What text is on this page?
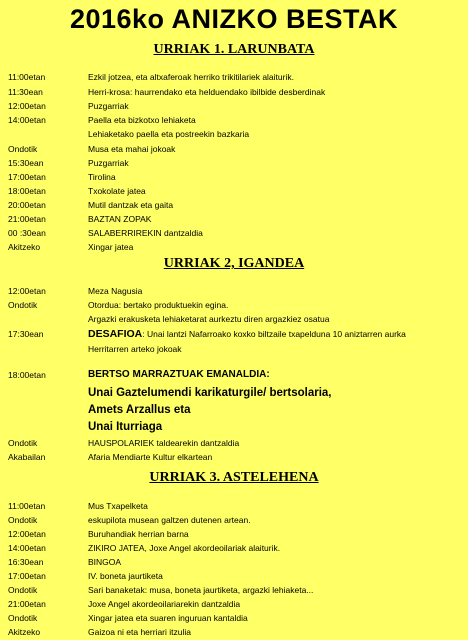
2016ko ANIZKO BESTAK
URRIAK 1. LARUNBATA
11:00etan	Ezkil jotzea, eta altxaferoak herriko trikitilariek alaiturik.
11:30ean	Herri-krosa: haurrendako eta helduendako ibilbide desberdinak
12:00etan	Puzgarriak
14:00etan	Paella eta bizkotxo lehiaketa
Lehiaketako paella eta postreekin bazkaria
Ondotik	Musa eta mahai jokoak
15:30ean	Puzgarriak
17:00etan	Tirolina
18:00etan	Txokolate jatea
20:00etan	Mutil dantzak eta gaita
21:00etan	BAZTAN ZOPAK
00 :30ean	SALABERRIREKIN dantzaldia
Akitzeko	Xingar jatea
URRIAK 2, IGANDEA
12:00etan	Meza Nagusia
Ondotik	Otordua: bertako produktuekin egina.
Argazki erakusketa lehiaketarat aurkeztu diren argazkiez osatua
17:30ean	DESAFIOA: Unai lantzi Nafarroako koxko biltzaile txapelduna 10 aniztarren aurka
Herritarren arteko jokoak
18:00etan	BERTSO MARRAZTUAK EMANALDIA:
Unai Gaztelumendi karikaturgile/ bertsolaria,
Amets Arzallus eta
Unai Iturriaga
Ondotik	HAUSPOLARIEK taldearekin dantzaldia
Akabailan	Afaria Mendiarte Kultur elkartean
URRIAK 3. ASTELEHENA
11:00etan	Mus Txapelketa
Ondotik	eskupilota musean galtzen dutenen artean.
12:00etan	Buruhandiak herrian barna
14:00etan	ZIKIRO JATEA, Joxe Angel akordeoilariak alaiturik.
16:30ean	BINGOA
17:00etan	IV. boneta jaurtiketa
Ondotik	Sari banaketak: musa, boneta jaurtiketa, argazki lehiaketa...
21:00etan	Joxe Angel akordeoilariarekin dantzaldia
Ondotik	Xingar jatea eta suaren inguruan kantaldia
Akitzeko	Gaizoa ni eta herriari itzulia
